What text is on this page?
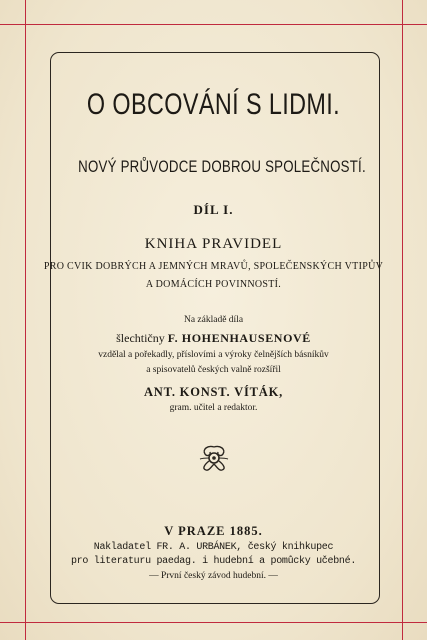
O OBCOVÁNÍ S LIDMI.
NOVÝ PRŮVODCE DOBROU SPOLEČNOSTÍ.
DÍL I.
KNIHA PRAVIDEL
PRO CVIK DOBRÝCH A JEMNÝCH MRAVŮ, SPOLEČENSKÝCH VTIPŮV
A DOMÁCÍCH POVINNOSTÍ.
Na základě díla
šlechtičny F. HOHENHAUSENOVÉ
vzdělal a pořekadly, příslovími a výroky čelnějších básníkův
a spisovatelů českých valně rozšířil
ANT. KONST. VÍTÁK,
gram. učitel a redaktor.
V PRAZE 1885.
Nakladatel FR. A. URBÁNEK, český knihkupec
pro literaturu paedag. i hudební a pomůcky učebné.
— První český závod hudební. —
